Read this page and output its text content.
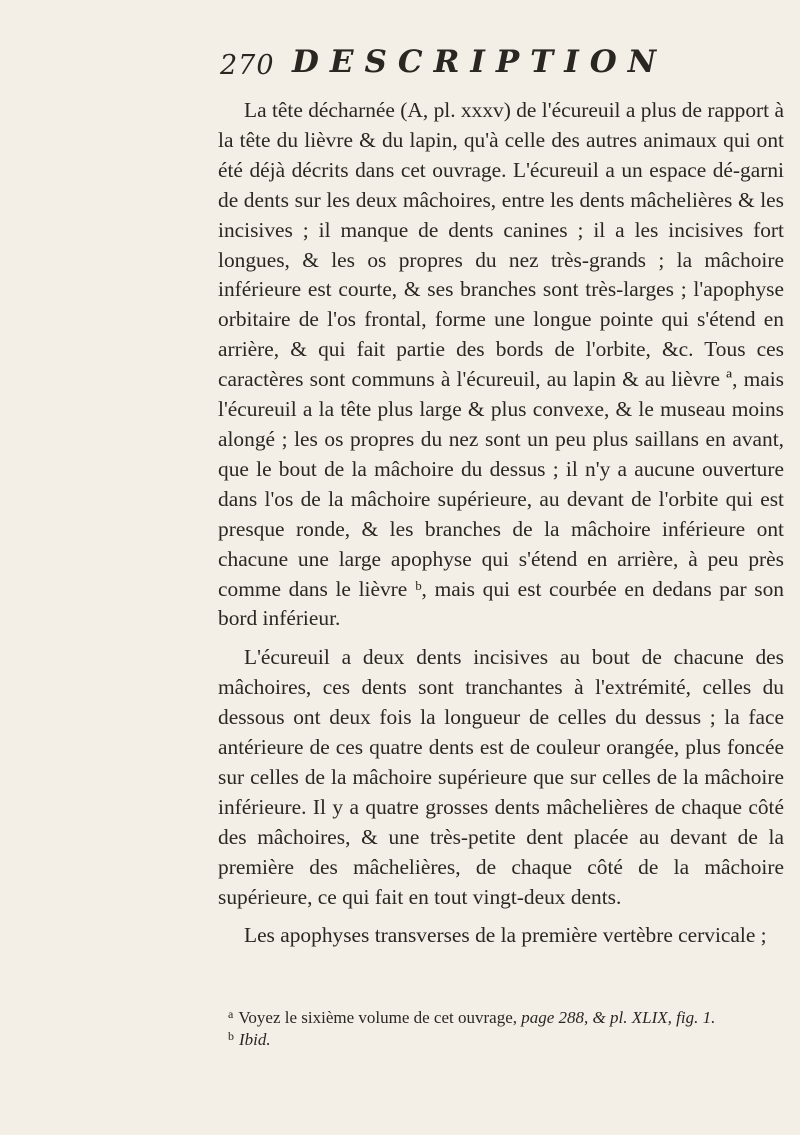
270 DESCRIPTION

La tête décharnée (A, pl. xxxv) de l'écureuil a plus de rapport à la tête du lièvre & du lapin, qu'à celle des autres animaux qui ont été déjà décrits dans cet ouvrage. L'écureuil a un espace dé-garni de dents sur les deux mâchoires, entre les dents mâchelières & les incisives ; il manque de dents canines ; il a les incisives fort longues, & les os propres du nez très-grands ; la mâchoire inférieure est courte, & ses branches sont très-larges ; l'apophyse orbitaire de l'os frontal, forme une longue pointe qui s'étend en arrière, & qui fait partie des bords de l'orbite, &c. Tous ces caractères sont communs à l'écureuil, au lapin & au lièvre ª, mais l'écureuil a la tête plus large & plus convexe, & le museau moins alongé ; les os propres du nez sont un peu plus saillans en avant, que le bout de la mâchoire du dessus ; il n'y a aucune ouverture dans l'os de la mâchoire supérieure, au devant de l'orbite qui est presque ronde, & les branches de la mâchoire inférieure ont chacune une large apophyse qui s'étend en arrière, à peu près comme dans le lièvre ᵇ, mais qui est courbée en dedans par son bord inférieur.

L'écureuil a deux dents incisives au bout de chacune des mâchoires, ces dents sont tranchantes à l'extrémité, celles du dessous ont deux fois la longueur de celles du dessus ; la face antérieure de ces quatre dents est de couleur orangée, plus foncée sur celles de la mâchoire supérieure que sur celles de la mâchoire inférieure. Il y a quatre grosses dents mâchelières de chaque côté des mâchoires, & une très-petite dent placée au devant de la première des mâchelières, de chaque côté de la mâchoire supérieure, ce qui fait en tout vingt-deux dents.

Les apophyses transverses de la première vertèbre cervicale ;

$^a$ Voyez le sixième volume de cet ouvrage, page 288, & pl. XLIX, fig. 1.

$^b$ Ibid.
